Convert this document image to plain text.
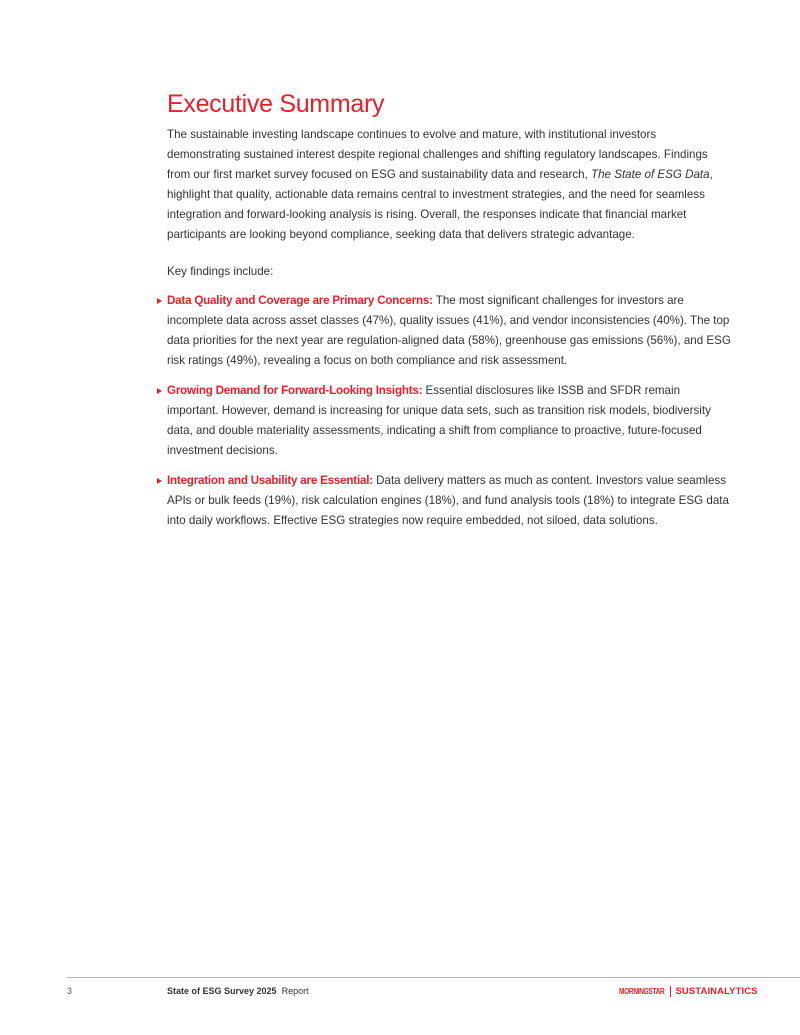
Executive Summary

The sustainable investing landscape continues to evolve and mature, with institutional investors demonstrating sustained interest despite regional challenges and shifting regulatory landscapes. Findings from our first market survey focused on ESG and sustainability data and research, The State of ESG Data, highlight that quality, actionable data remains central to investment strategies, and the need for seamless integration and forward-looking analysis is rising. Overall, the responses indicate that financial market participants are looking beyond compliance, seeking data that delivers strategic advantage.

Key findings include:

Data Quality and Coverage are Primary Concerns: The most significant challenges for investors are incomplete data across asset classes (47%), quality issues (41%), and vendor inconsistencies (40%). The top data priorities for the next year are regulation-aligned data (58%), greenhouse gas emissions (56%), and ESG risk ratings (49%), revealing a focus on both compliance and risk assessment.
Growing Demand for Forward-Looking Insights: Essential disclosures like ISSB and SFDR remain important. However, demand is increasing for unique data sets, such as transition risk models, biodiversity data, and double materiality assessments, indicating a shift from compliance to proactive, future-focused investment decisions.
Integration and Usability are Essential: Data delivery matters as much as content. Investors value seamless APIs or bulk feeds (19%), risk calculation engines (18%), and fund analysis tools (18%) to integrate ESG data into daily workflows. Effective ESG strategies now require embedded, not siloed, data solutions.
3	State of ESG Survey 2025 Report	MORNINGSTAR SUSTAINALYTICS
